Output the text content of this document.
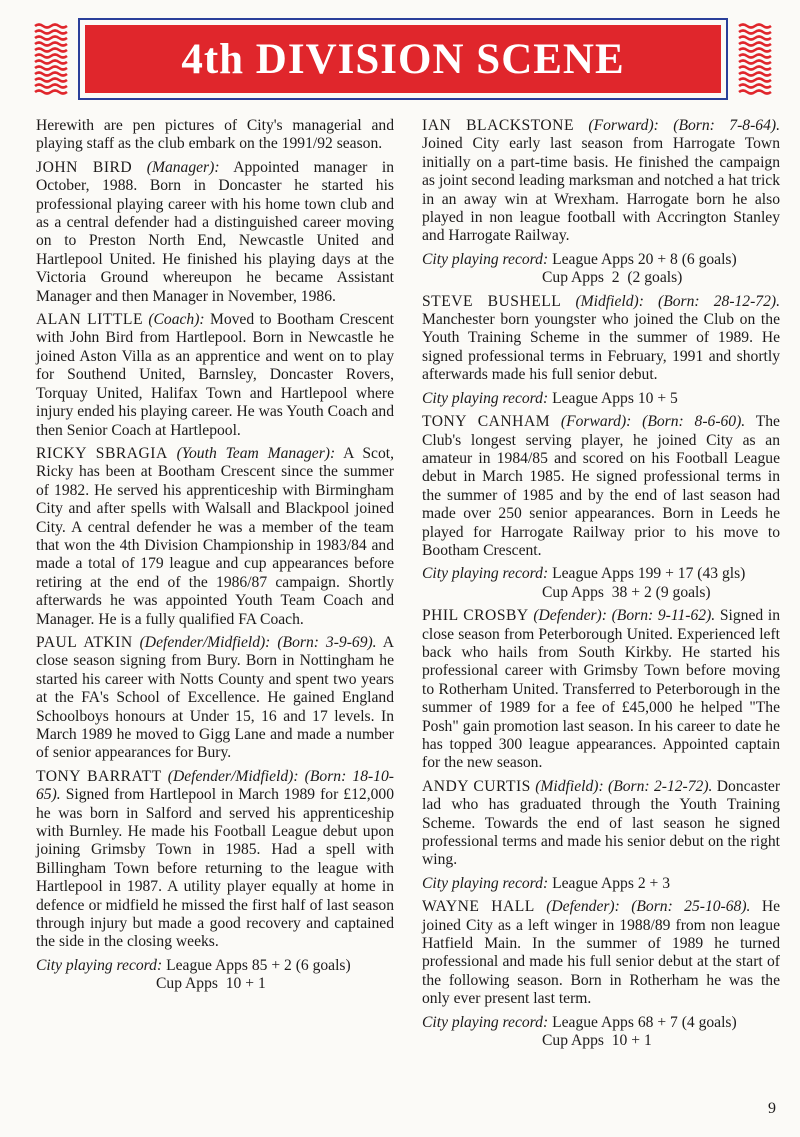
4th DIVISION SCENE

Herewith are pen pictures of City's managerial and playing staff as the club embark on the 1991/92 season.

JOHN BIRD (Manager): Appointed manager in October, 1988. Born in Doncaster he started his professional playing career with his home town club and as a central defender had a distinguished career moving on to Preston North End, Newcastle United and Hartlepool United. He finished his playing days at the Victoria Ground whereupon he became Assistant Manager and then Manager in November, 1986.

ALAN LITTLE (Coach): Moved to Bootham Crescent with John Bird from Hartlepool. Born in Newcastle he joined Aston Villa as an apprentice and went on to play for Southend United, Barnsley, Doncaster Rovers, Torquay United, Halifax Town and Hartlepool where injury ended his playing career. He was Youth Coach and then Senior Coach at Hartlepool.

RICKY SBRAGIA (Youth Team Manager): A Scot, Ricky has been at Bootham Crescent since the summer of 1982. He served his apprenticeship with Birmingham City and after spells with Walsall and Blackpool joined City. A central defender he was a member of the team that won the 4th Division Championship in 1983/84 and made a total of 179 league and cup appearances before retiring at the end of the 1986/87 campaign. Shortly afterwards he was appointed Youth Team Coach and Manager. He is a fully qualified FA Coach.

PAUL ATKIN (Defender/Midfield): (Born: 3-9-69). A close season signing from Bury. Born in Nottingham he started his career with Notts County and spent two years at the FA's School of Excellence. He gained England Schoolboys honours at Under 15, 16 and 17 levels. In March 1989 he moved to Gigg Lane and made a number of senior appearances for Bury.

TONY BARRATT (Defender/Midfield): (Born: 18-10-65). Signed from Hartlepool in March 1989 for £12,000 he was born in Salford and served his apprenticeship with Burnley. He made his Football League debut upon joining Grimsby Town in 1985. Had a spell with Billingham Town before returning to the league with Hartlepool in 1987. A utility player equally at home in defence or midfield he missed the first half of last season through injury but made a good recovery and captained the side in the closing weeks.

City playing record: League Apps 85 + 2 (6 goals)
Cup Apps  10 + 1

IAN BLACKSTONE (Forward): (Born: 7-8-64). Joined City early last season from Harrogate Town initially on a part-time basis. He finished the campaign as joint second leading marksman and notched a hat trick in an away win at Wrexham. Harrogate born he also played in non league football with Accrington Stanley and Harrogate Railway.

City playing record: League Apps 20 + 8 (6 goals)
Cup Apps  2  (2 goals)

STEVE BUSHELL (Midfield): (Born: 28-12-72). Manchester born youngster who joined the Club on the Youth Training Scheme in the summer of 1989. He signed professional terms in February, 1991 and shortly afterwards made his full senior debut.

City playing record: League Apps 10 + 5

TONY CANHAM (Forward): (Born: 8-6-60). The Club's longest serving player, he joined City as an amateur in 1984/85 and scored on his Football League debut in March 1985. He signed professional terms in the summer of 1985 and by the end of last season had made over 250 senior appearances. Born in Leeds he played for Harrogate Railway prior to his move to Bootham Crescent.

City playing record: League Apps 199 + 17 (43 gls)
Cup Apps  38 + 2 (9 goals)

PHIL CROSBY (Defender): (Born: 9-11-62). Signed in close season from Peterborough United. Experienced left back who hails from South Kirkby. He started his professional career with Grimsby Town before moving to Rotherham United. Transferred to Peterborough in the summer of 1989 for a fee of £45,000 he helped "The Posh" gain promotion last season. In his career to date he has topped 300 league appearances. Appointed captain for the new season.

ANDY CURTIS (Midfield): (Born: 2-12-72). Doncaster lad who has graduated through the Youth Training Scheme. Towards the end of last season he signed professional terms and made his senior debut on the right wing.

City playing record: League Apps 2 + 3

WAYNE HALL (Defender): (Born: 25-10-68). He joined City as a left winger in 1988/89 from non league Hatfield Main. In the summer of 1989 he turned professional and made his full senior debut at the start of the following season. Born in Rotherham he was the only ever present last term.

City playing record: League Apps 68 + 7 (4 goals)
Cup Apps  10 + 1
9
